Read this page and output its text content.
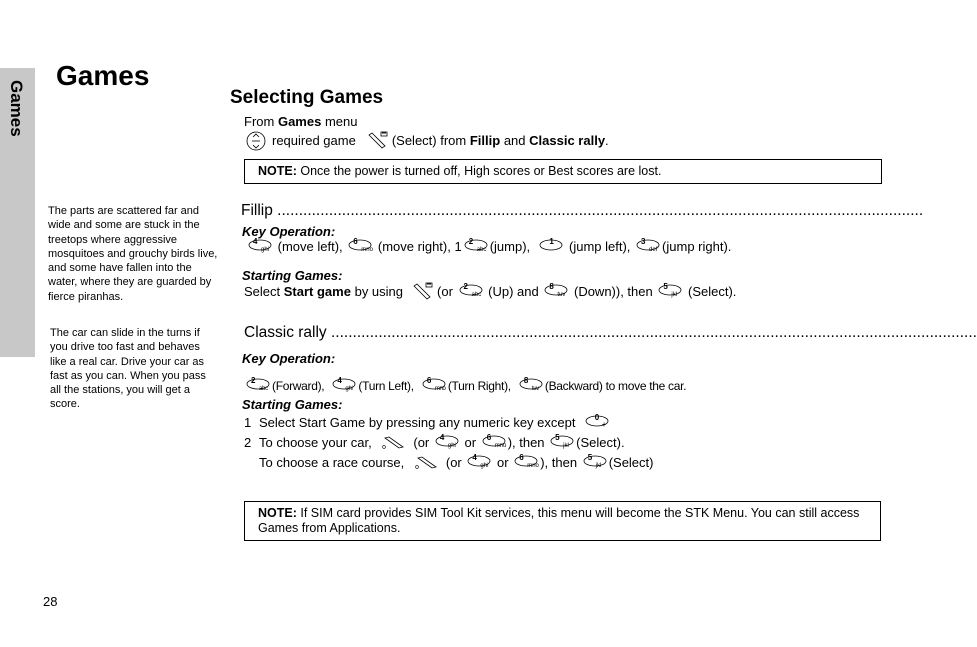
Games
Games
Selecting Games
From Games menu
required game	(Select) from
Fillip
and
Classic rally .
NOTE: Once the power is turned off, High scores or Best scores are lost.
The parts are scattered far and wide and some are stuck in the treetops where aggressive mosquitoes and grouchy birds live, and some have fallen into the water, where they are guarded by fierce piranhas.
The car can slide in the turns if you drive too fast and behaves like a real car. Drive your car as fast as you can. When you pass all the stations, you will get a score.
Fillip ......................................................................................................................................................
Key Operation:
4
ghi
(move left),
6
mno
(move right), 1 2
abc (jump),
1
(jump left),
3
def (jump right).
Starting Games:
Select
Start game
by using	(or
2
abc
(Up) and
8
tuv
(Down)), then
5
jkl
(Select).
Classic rally ......................................................................................................................................................
Key Operation:
2
abc (Forward),
4
ghi (Turn Left),
6
mno (Turn Right),
8
tuv (Backward) to move the car.
Starting Games:
1 Select Start Game by pressing any numeric key except
0
+
2 To choose your car,
	(or
4
ghi
or
6
mno ), then
5
jkl (Select).
To choose a race course,
	(or
4
ghi
or
6
mno ), then
5
jkl (Select)
NOTE: If SIM card provides SIM Tool Kit services, this menu will become the STK Menu. You can still access Games from Applications.
28
